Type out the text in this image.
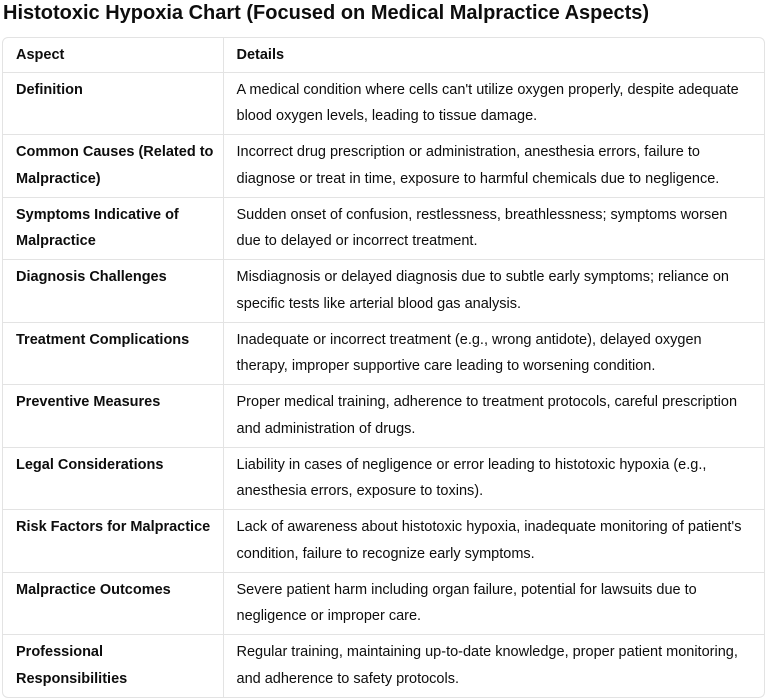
Histotoxic Hypoxia Chart (Focused on Medical Malpractice Aspects)
Aspect	Details
Definition	A medical condition where cells can't utilize oxygen properly, despite adequate blood oxygen levels, leading to tissue damage.
Common Causes (Related to Malpractice)	Incorrect drug prescription or administration, anesthesia errors, failure to diagnose or treat in time, exposure to harmful chemicals due to negligence.
Symptoms Indicative of Malpractice	Sudden onset of confusion, restlessness, breathlessness; symptoms worsen due to delayed or incorrect treatment.
Diagnosis Challenges	Misdiagnosis or delayed diagnosis due to subtle early symptoms; reliance on specific tests like arterial blood gas analysis.
Treatment Complications	Inadequate or incorrect treatment (e.g., wrong antidote), delayed oxygen therapy, improper supportive care leading to worsening condition.
Preventive Measures	Proper medical training, adherence to treatment protocols, careful prescription and administration of drugs.
Legal Considerations	Liability in cases of negligence or error leading to histotoxic hypoxia (e.g., anesthesia errors, exposure to toxins).
Risk Factors for Malpractice	Lack of awareness about histotoxic hypoxia, inadequate monitoring of patient's condition, failure to recognize early symptoms.
Malpractice Outcomes	Severe patient harm including organ failure, potential for lawsuits due to negligence or improper care.
Professional Responsibilities	Regular training, maintaining up-to-date knowledge, proper patient monitoring, and adherence to safety protocols.
